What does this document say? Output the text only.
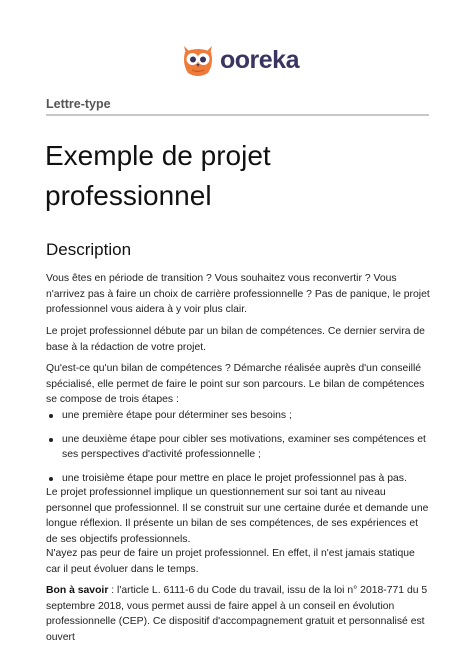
ooreka
Lettre-type
Exemple de projet professionnel
Description

Vous êtes en période de transition ? Vous souhaitez vous reconvertir ? Vous n'arrivez pas à faire un choix de carrière professionnelle ? Pas de panique, le projet professionnel vous aidera à y voir plus clair.

Le projet professionnel débute par un bilan de compétences. Ce dernier servira de base à la rédaction de votre projet.

Qu'est-ce qu'un bilan de compétences ? Démarche réalisée auprès d'un conseillé spécialisé, elle permet de faire le point sur son parcours. Le bilan de compétences se compose de trois étapes :

une première étape pour déterminer ses besoins ;
une deuxième étape pour cibler ses motivations, examiner ses compétences et ses perspectives d'activité professionnelle ;
une troisième étape pour mettre en place le projet professionnel pas à pas.

Le projet professionnel implique un questionnement sur soi tant au niveau personnel que professionnel. Il se construit sur une certaine durée et demande une longue réflexion. Il présente un bilan de ses compétences, de ses expériences et de ses objectifs professionnels.

N'ayez pas peur de faire un projet professionnel. En effet, il n'est jamais statique car il peut évoluer dans le temps.

Bon à savoir : l'article L. 6111-6 du Code du travail, issu de la loi n° 2018-771 du 5 septembre 2018, vous permet aussi de faire appel à un conseil en évolution professionnelle (CEP). Ce dispositif d'accompagnement gratuit et personnalisé est ouvert
